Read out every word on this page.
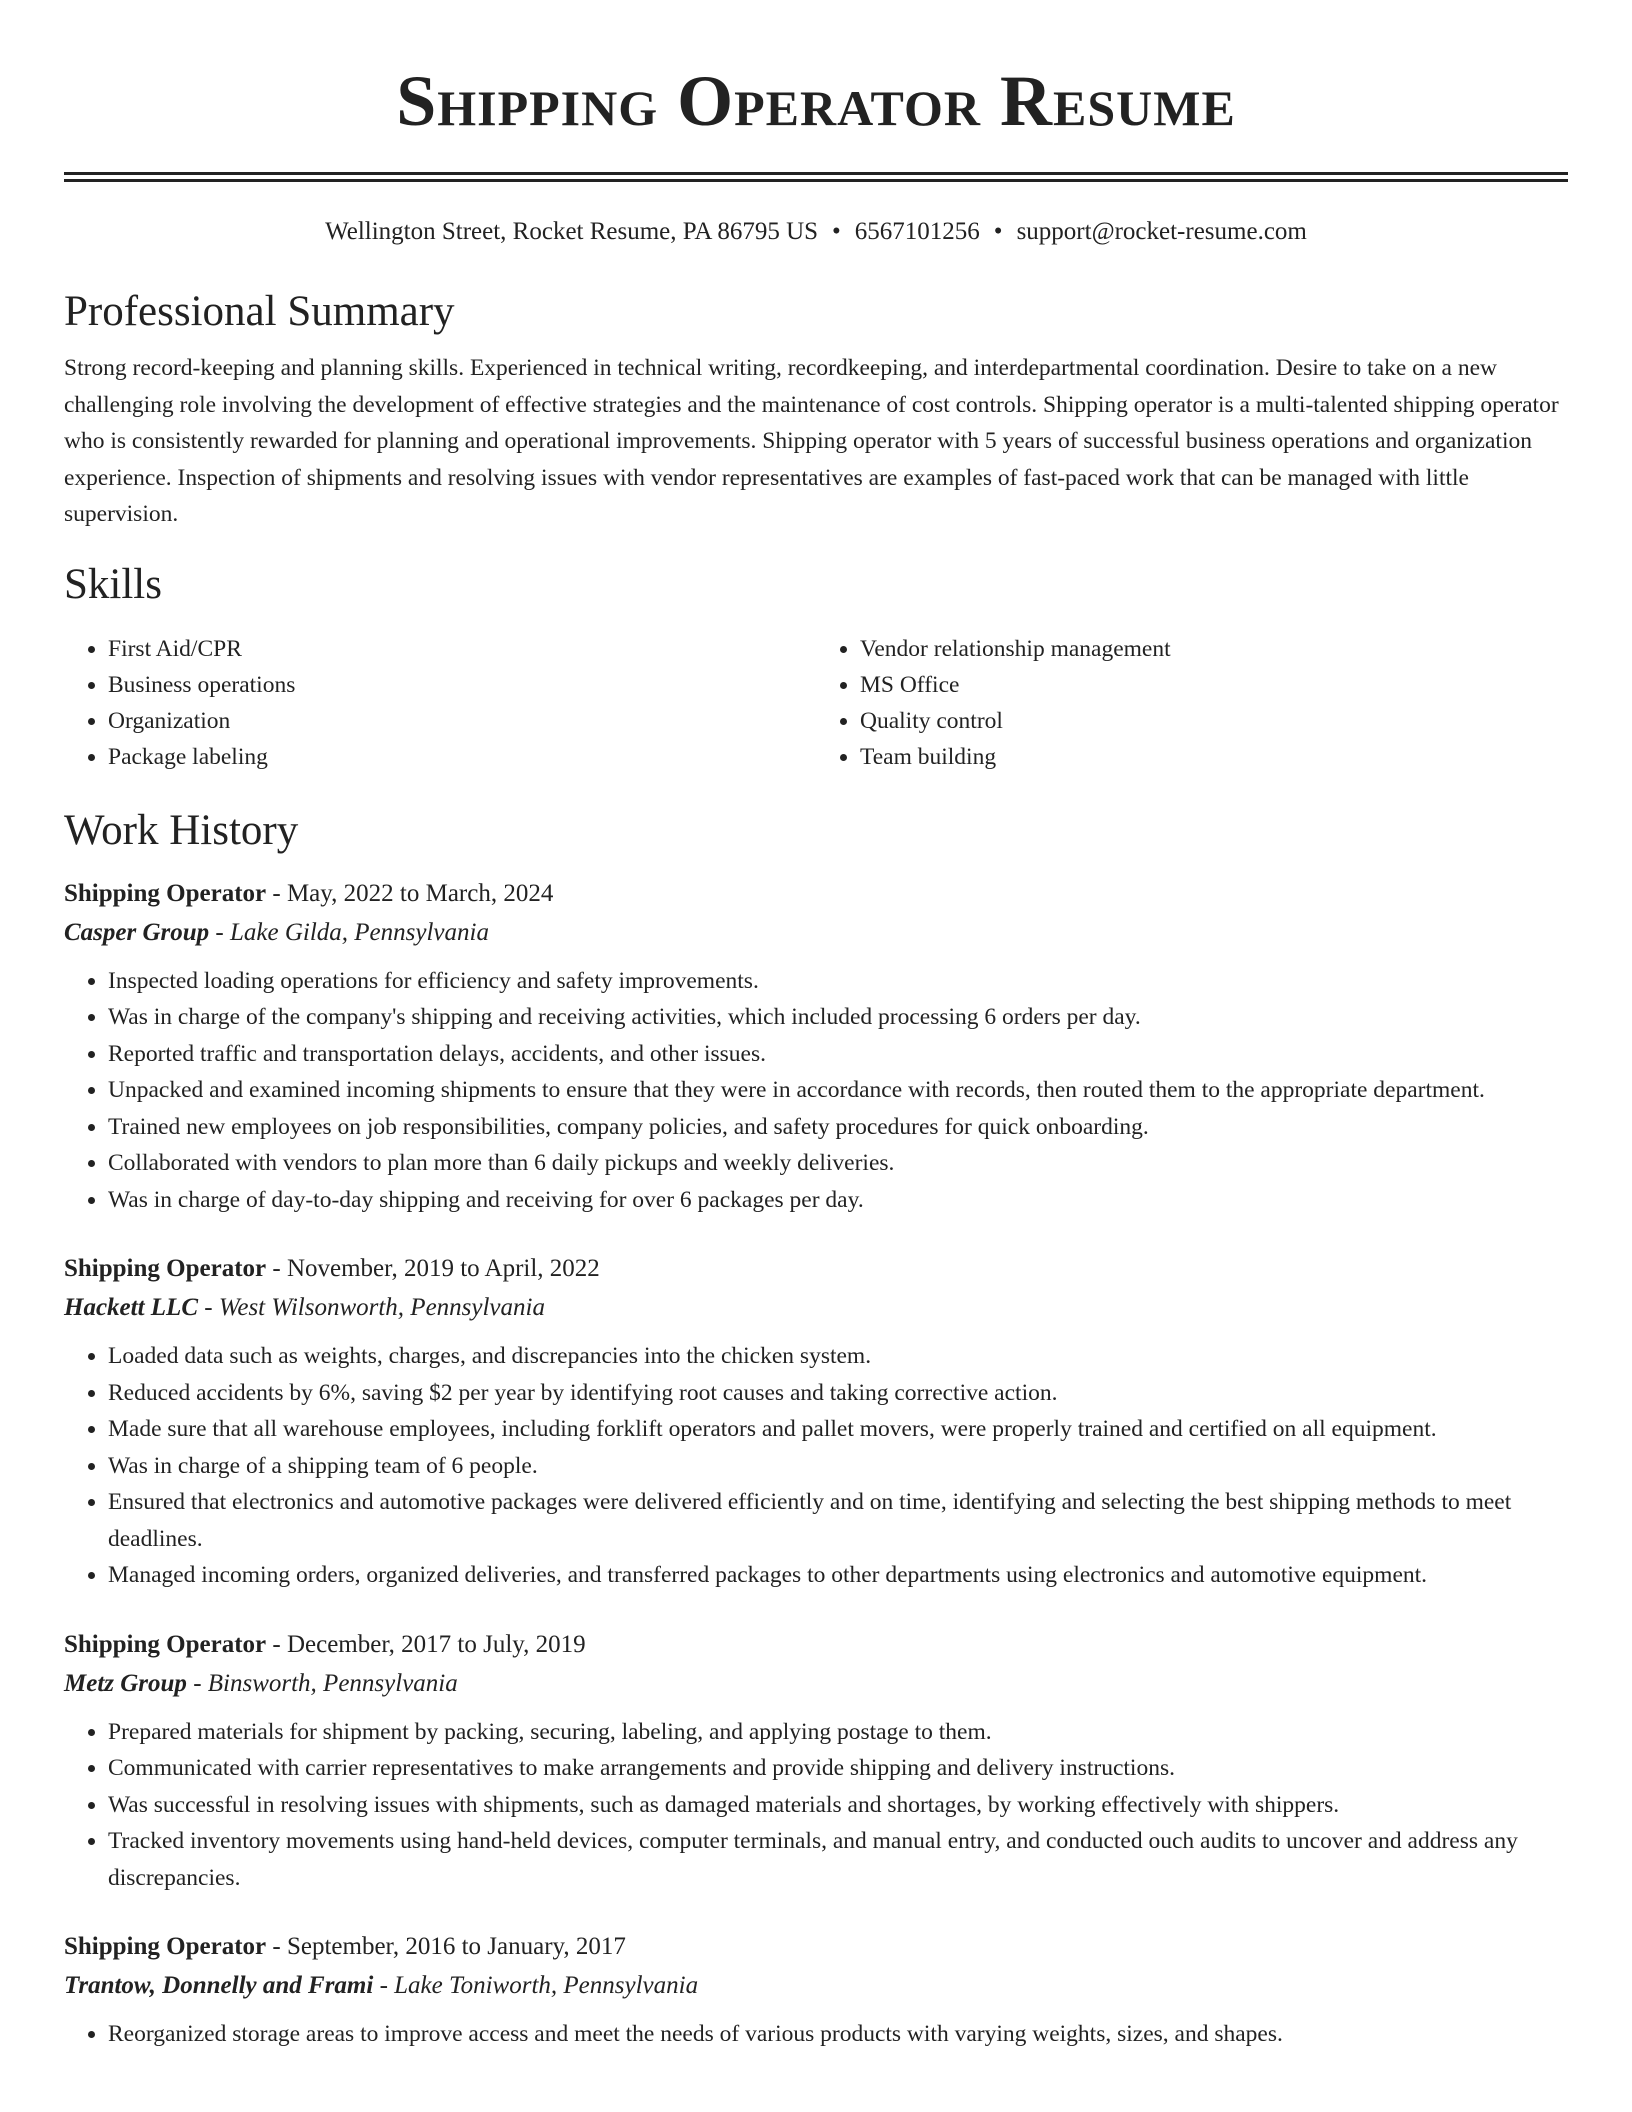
Shipping Operator Resume
Wellington Street, Rocket Resume, PA 86795 US • 6567101256 • support@rocket-resume.com
Professional Summary

Strong record-keeping and planning skills. Experienced in technical writing, recordkeeping, and interdepartmental coordination. Desire to take on a new challenging role involving the development of effective strategies and the maintenance of cost controls. Shipping operator is a multi-talented shipping operator who is consistently rewarded for planning and operational improvements. Shipping operator with 5 years of successful business operations and organization experience. Inspection of shipments and resolving issues with vendor representatives are examples of fast-paced work that can be managed with little supervision.

Skills
• First Aid/CPR
• Business operations
• Organization
• Package labeling
• Vendor relationship management
• MS Office
• Quality control
• Team building
Work History
Shipping Operator - May, 2022 to March, 2024
Casper Group - Lake Gilda, Pennsylvania
• Inspected loading operations for efficiency and safety improvements.
• Was in charge of the company's shipping and receiving activities, which included processing 6 orders per day.
• Reported traffic and transportation delays, accidents, and other issues.
• Unpacked and examined incoming shipments to ensure that they were in accordance with records, then routed them to the appropriate department.
• Trained new employees on job responsibilities, company policies, and safety procedures for quick onboarding.
• Collaborated with vendors to plan more than 6 daily pickups and weekly deliveries.
• Was in charge of day-to-day shipping and receiving for over 6 packages per day.
Shipping Operator - November, 2019 to April, 2022
Hackett LLC - West Wilsonworth, Pennsylvania
• Loaded data such as weights, charges, and discrepancies into the chicken system.
• Reduced accidents by 6%, saving $2 per year by identifying root causes and taking corrective action.
• Made sure that all warehouse employees, including forklift operators and pallet movers, were properly trained and certified on all equipment.
• Was in charge of a shipping team of 6 people.
• Ensured that electronics and automotive packages were delivered efficiently and on time, identifying and selecting the best shipping methods to meet deadlines.
• Managed incoming orders, organized deliveries, and transferred packages to other departments using electronics and automotive equipment.
Shipping Operator - December, 2017 to July, 2019
Metz Group - Binsworth, Pennsylvania
• Prepared materials for shipment by packing, securing, labeling, and applying postage to them.
• Communicated with carrier representatives to make arrangements and provide shipping and delivery instructions.
• Was successful in resolving issues with shipments, such as damaged materials and shortages, by working effectively with shippers.
• Tracked inventory movements using hand-held devices, computer terminals, and manual entry, and conducted ouch audits to uncover and address any discrepancies.
Shipping Operator - September, 2016 to January, 2017
Trantow, Donnelly and Frami - Lake Toniworth, Pennsylvania
• Reorganized storage areas to improve access and meet the needs of various products with varying weights, sizes, and shapes.
